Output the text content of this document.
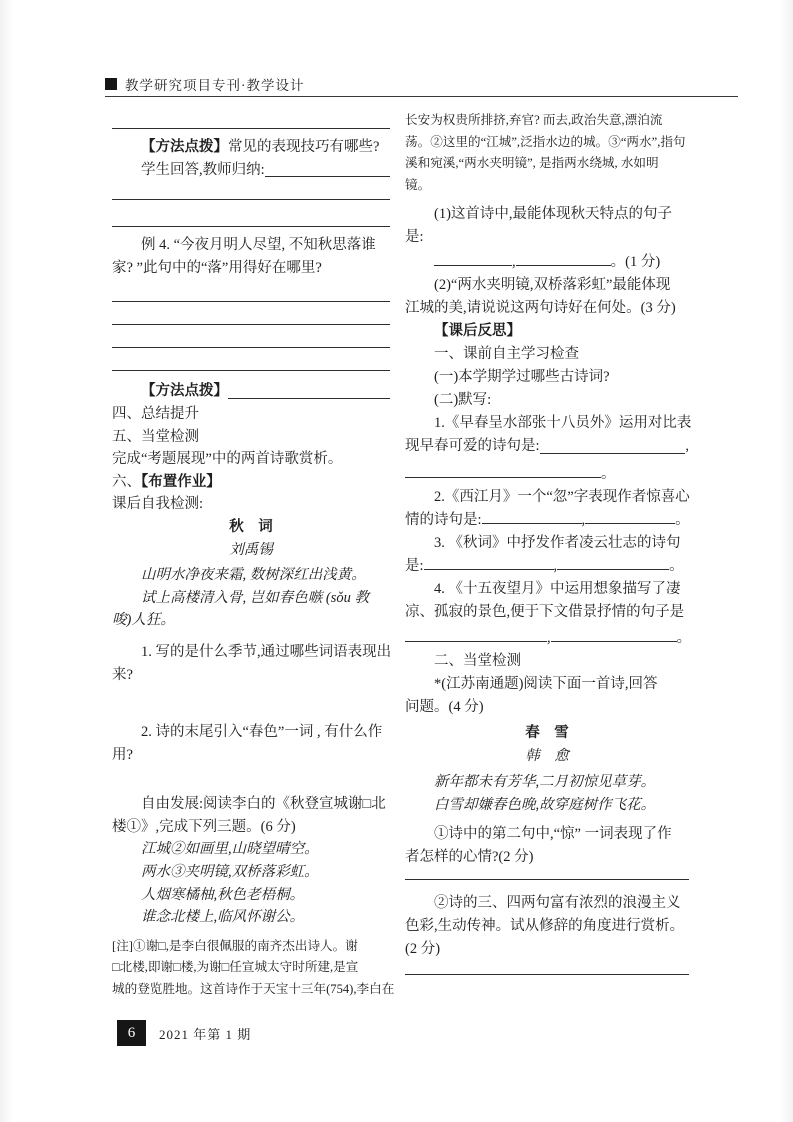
教学研究项目专刊·教学设计
【方法点拨】常见的表现技巧有哪些?
学生回答,教师归纳:
例 4. “今夜月明人尽望, 不知秋思落谁
家? ”此句中的“落”用得好在哪里?
【方法点拨】
四、总结提升
五、当堂检测
完成“考题展现”中的两首诗歌赏析。
六、【布置作业】
课后自我检测:
秋　词
刘禹锡
山明水净夜来霜, 数树深红出浅黄。
试上高楼清入骨, 岂如春色嗾 (sǒu 教
唆)人狂。
1. 写的是什么季节,通过哪些词语表现出
来?
2. 诗的末尾引入“春色”一词 , 有什么作
用?
自由发展:阅读李白的《秋登宣城谢□北
楼①》,完成下列三题。(6 分)
江城②如画里,山晓望晴空。
两水③夹明镜,双桥落彩虹。
人烟寒橘柚,秋色老梧桐。
谁念北楼上,临风怀谢公。
[注]①谢□,是李白很佩服的南齐杰出诗人。谢
□北楼,即谢□楼,为谢□任宣城太守时所建,是宣
城的登览胜地。这首诗作于天宝十三年(754),李白在
长安为权贵所排挤,弃官? 而去,政治失意,漂泊流
荡。②这里的“江城”,泛指水边的城。③“两水”,指句
溪和宛溪,“两水夹明镜”, 是指两水绕城, 水如明
镜。
(1)这首诗中,最能体现秋天特点的句子
是:
,	。(1 分)
(2)“两水夹明镜,双桥落彩虹”最能体现
江城的美,请说说这两句诗好在何处。(3 分)
【课后反思】
一、课前自主学习检查
(一)本学期学过哪些古诗词?
(二)默写:
1.《早春呈水部张十八员外》运用对比表
现早春可爱的诗句是:	,
。
2.《西江月》一个“忽”字表现作者惊喜心
情的诗句是:	,	。
3. 《秋词》中抒发作者凌云壮志的诗句
是:	,	。
4. 《十五夜望月》中运用想象描写了凄
凉、孤寂的景色,便于下文借景抒情的句子是
,	。
二、当堂检测
*(江苏南通题)阅读下面一首诗,回答
问题。(4 分)
春　雪
韩　愈
新年都未有芳华,二月初惊见草芽。
白雪却嫌春色晚,故穿庭树作飞花。
①诗中的第二句中,“惊” 一词表现了作
者怎样的心情?(2 分)
②诗的三、四两句富有浓烈的浪漫主义
色彩,生动传神。试从修辞的角度进行赏析。
(2 分)
6 2021 年第 1 期
